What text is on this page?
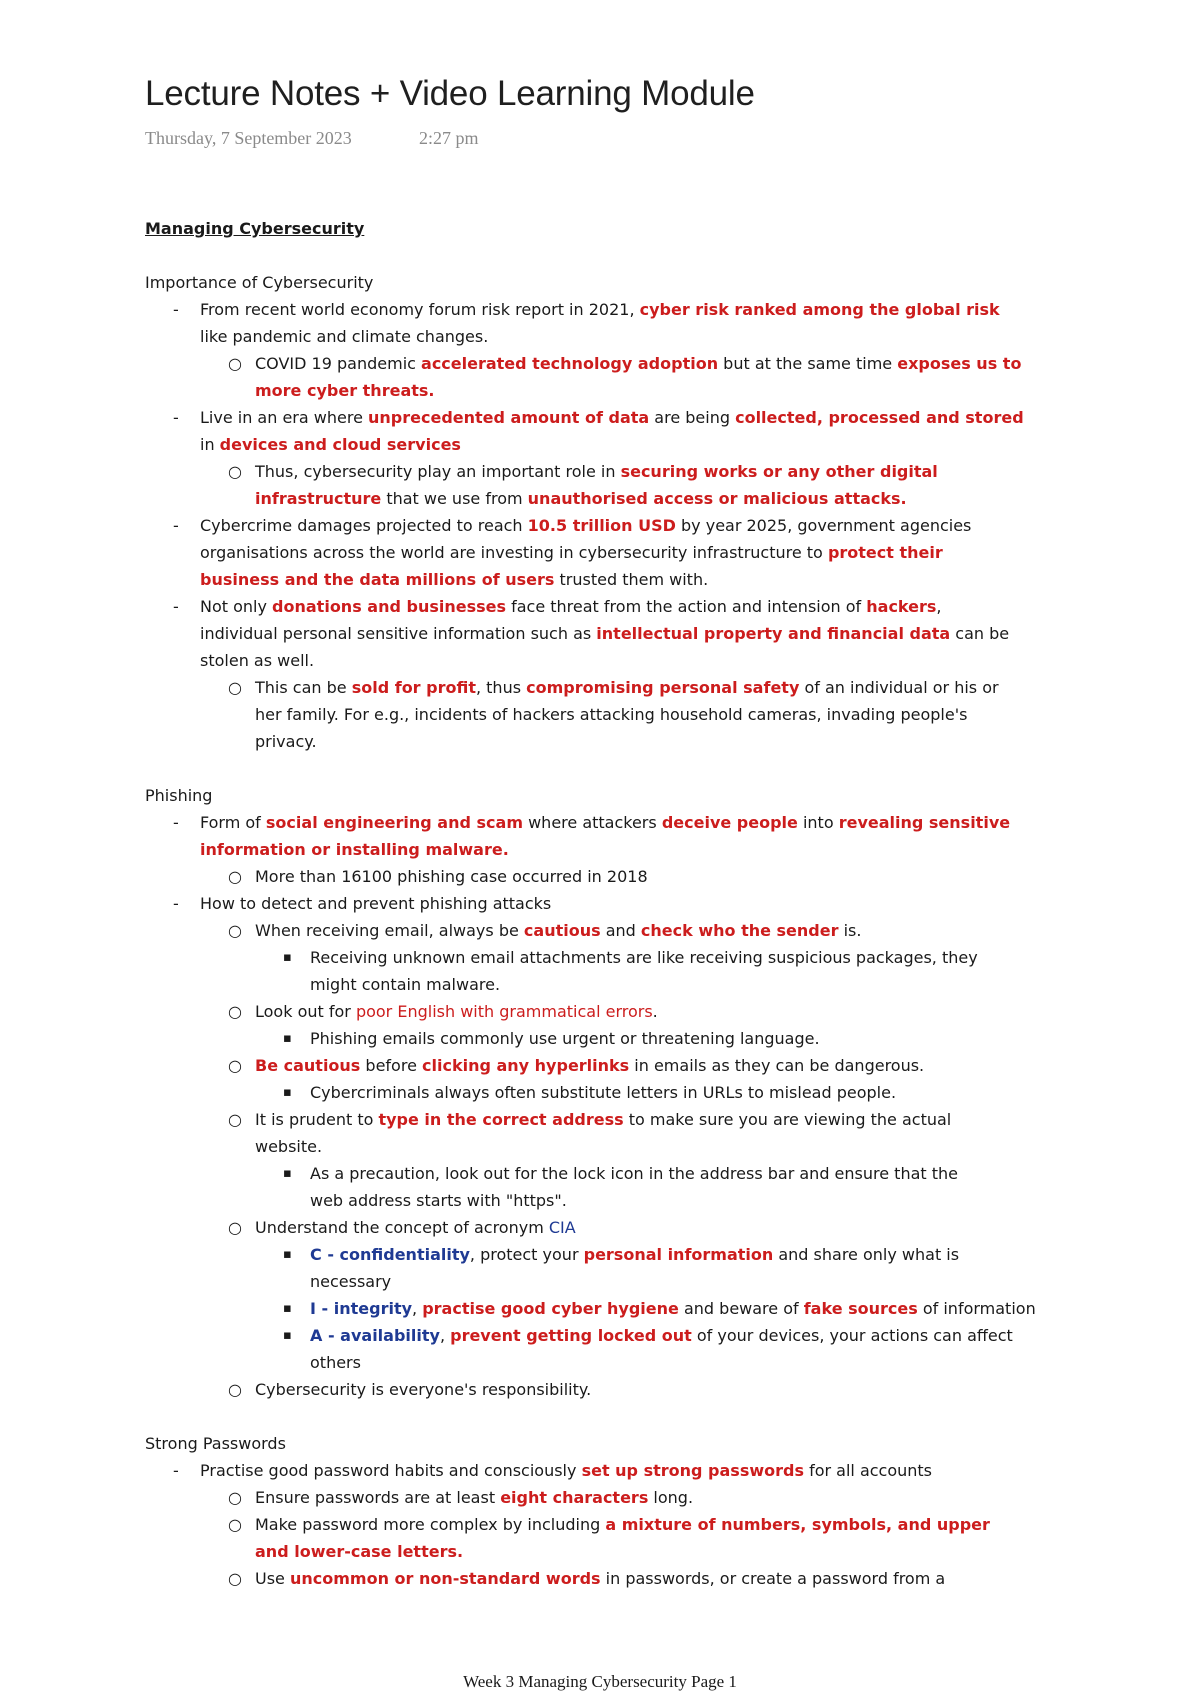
Lecture Notes + Video Learning Module
Thursday, 7 September 2023	2:27 pm
Managing Cybersecurity
Importance of Cybersecurity
- From recent world economy forum risk report in 2021, cyber risk ranked among the global risk
like pandemic and climate changes.
○ COVID 19 pandemic accelerated technology adoption but at the same time exposes us to
more cyber threats.
- Live in an era where unprecedented amount of data are being collected, processed and stored
in devices and cloud services
○ Thus, cybersecurity play an important role in securing works or any other digital
infrastructure that we use from unauthorised access or malicious attacks.
- Cybercrime damages projected to reach 10.5 trillion USD by year 2025, government agencies
organisations across the world are investing in cybersecurity infrastructure to protect their
business and the data millions of users trusted them with.
- Not only donations and businesses face threat from the action and intension of hackers,
individual personal sensitive information such as intellectual property and financial data can be
stolen as well.
○ This can be sold for profit, thus compromising personal safety of an individual or his or
her family. For e.g., incidents of hackers attacking household cameras, invading people's
privacy.
Phishing
- Form of social engineering and scam where attackers deceive people into revealing sensitive
information or installing malware.
○ More than 16100 phishing case occurred in 2018
- How to detect and prevent phishing attacks
○ When receiving email, always be cautious and check who the sender is.
▪ Receiving unknown email attachments are like receiving suspicious packages, they
might contain malware.
○ Look out for poor English with grammatical errors.
▪ Phishing emails commonly use urgent or threatening language.
○ Be cautious before clicking any hyperlinks in emails as they can be dangerous.
▪ Cybercriminals always often substitute letters in URLs to mislead people.
○ It is prudent to type in the correct address to make sure you are viewing the actual
website.
▪ As a precaution, look out for the lock icon in the address bar and ensure that the
web address starts with "https".
○ Understand the concept of acronym CIA
▪ C - confidentiality, protect your personal information and share only what is
necessary
▪ I - integrity, practise good cyber hygiene and beware of fake sources of information
▪ A - availability, prevent getting locked out of your devices, your actions can affect
others
○ Cybersecurity is everyone's responsibility.
Strong Passwords
- Practise good password habits and consciously set up strong passwords for all accounts
○ Ensure passwords are at least eight characters long.
○ Make password more complex by including a mixture of numbers, symbols, and upper
and lower-case letters.
○ Use uncommon or non-standard words in passwords, or create a password from a
Week 3 Managing Cybersecurity Page 1
